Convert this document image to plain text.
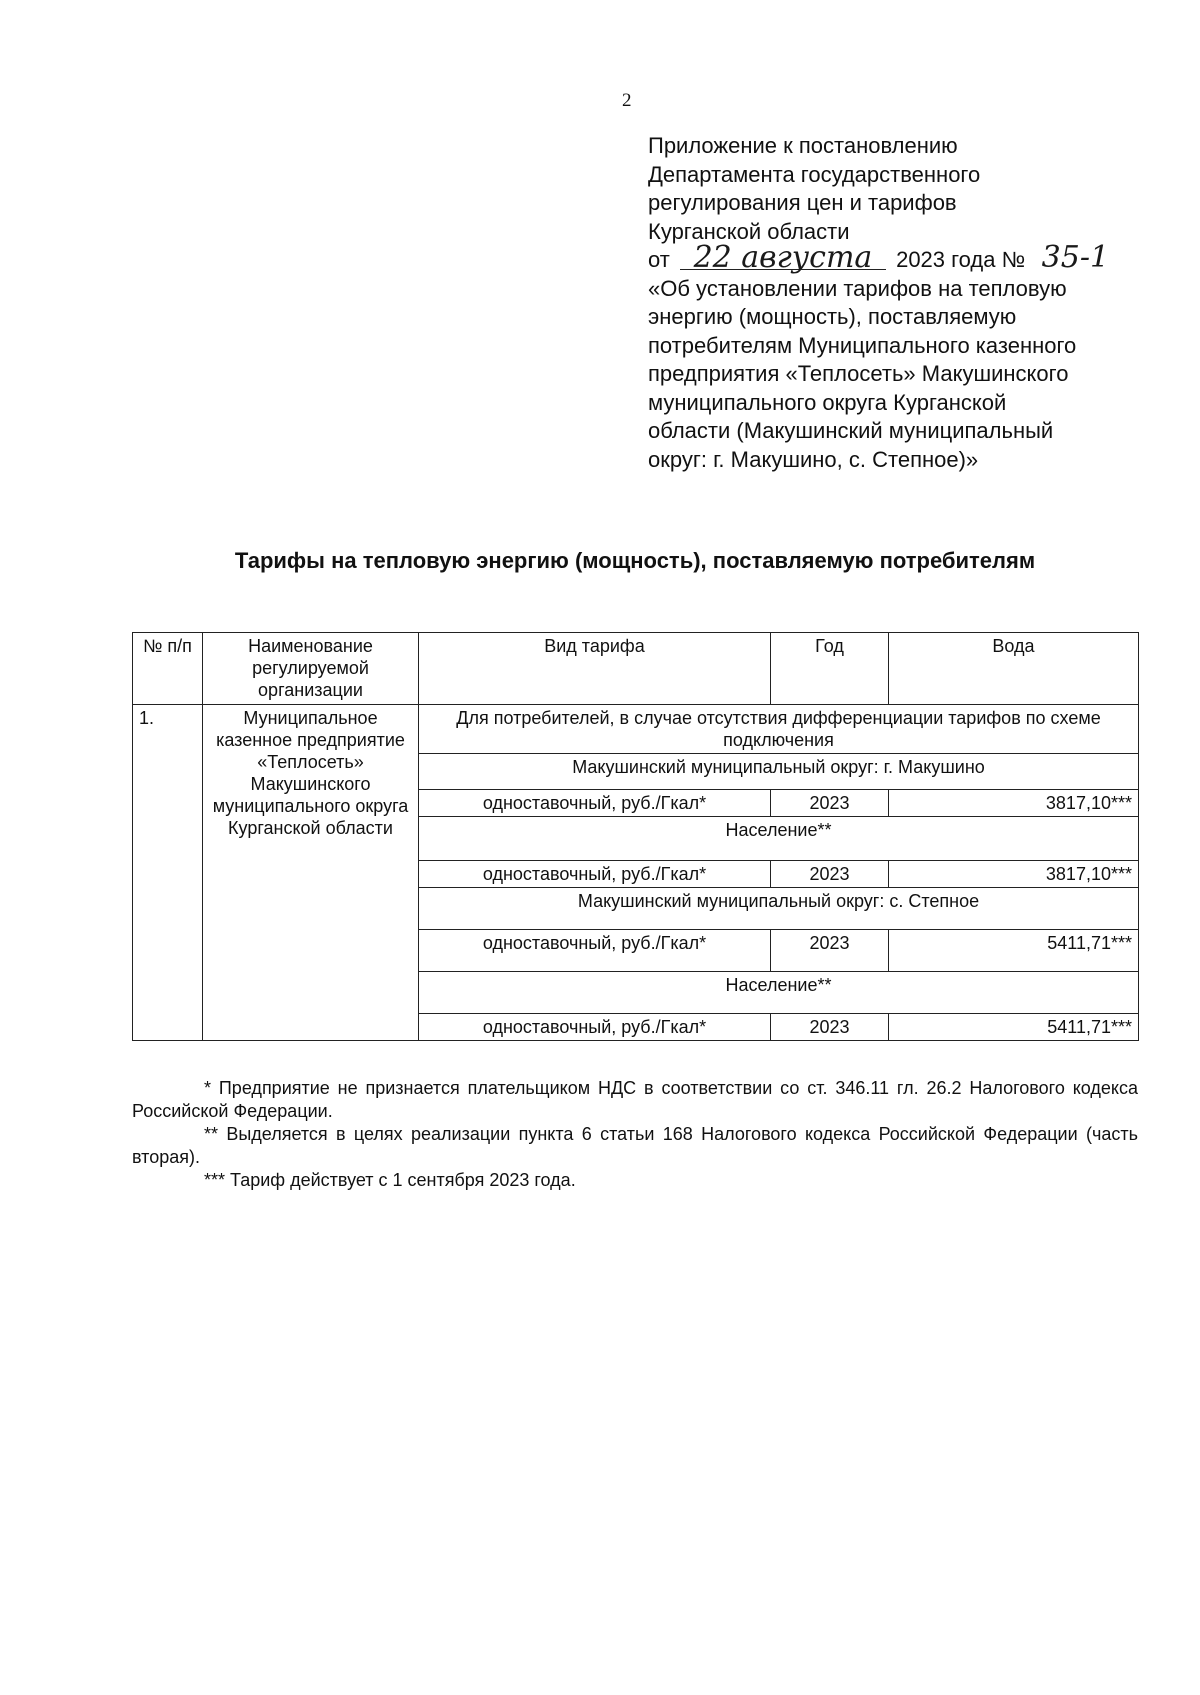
2
Приложение к постановлению
Департамента государственного
регулирования цен и тарифов
Курганской области
от 22 августа 2023 года № 35-1
«Об установлении тарифов на тепловую
энергию (мощность), поставляемую
потребителям Муниципального казенного
предприятия «Теплосеть» Макушинского
муниципального округа Курганской
области (Макушинский муниципальный
округ: г. Макушино, с. Степное)»
Тарифы на тепловую энергию (мощность), поставляемую потребителям
№ п/п	Наименование регулируемой организации	Вид тарифа	Год	Вода
1.	Муниципальное казенное предприятие «Теплосеть» Макушинского муниципального округа Курганской области	Для потребителей, в случае отсутствия дифференциации тарифов по схеме подключения		
		Макушинский муниципальный округ: г. Макушино		
		одноставочный, руб./Гкал*	2023	3817,10***
		Население**		
		одноставочный, руб./Гкал*	2023	3817,10***
		Макушинский муниципальный округ: с. Степное		
		одноставочный, руб./Гкал*	2023	5411,71***
		Население**		
		одноставочный, руб./Гкал*	2023	5411,71***

* Предприятие не признается плательщиком НДС в соответствии со ст. 346.11 гл. 26.2 Налогового кодекса Российской Федерации.

** Выделяется в целях реализации пункта 6 статьи 168 Налогового кодекса Российской Федерации (часть вторая).

*** Тариф действует с 1 сентября 2023 года.
